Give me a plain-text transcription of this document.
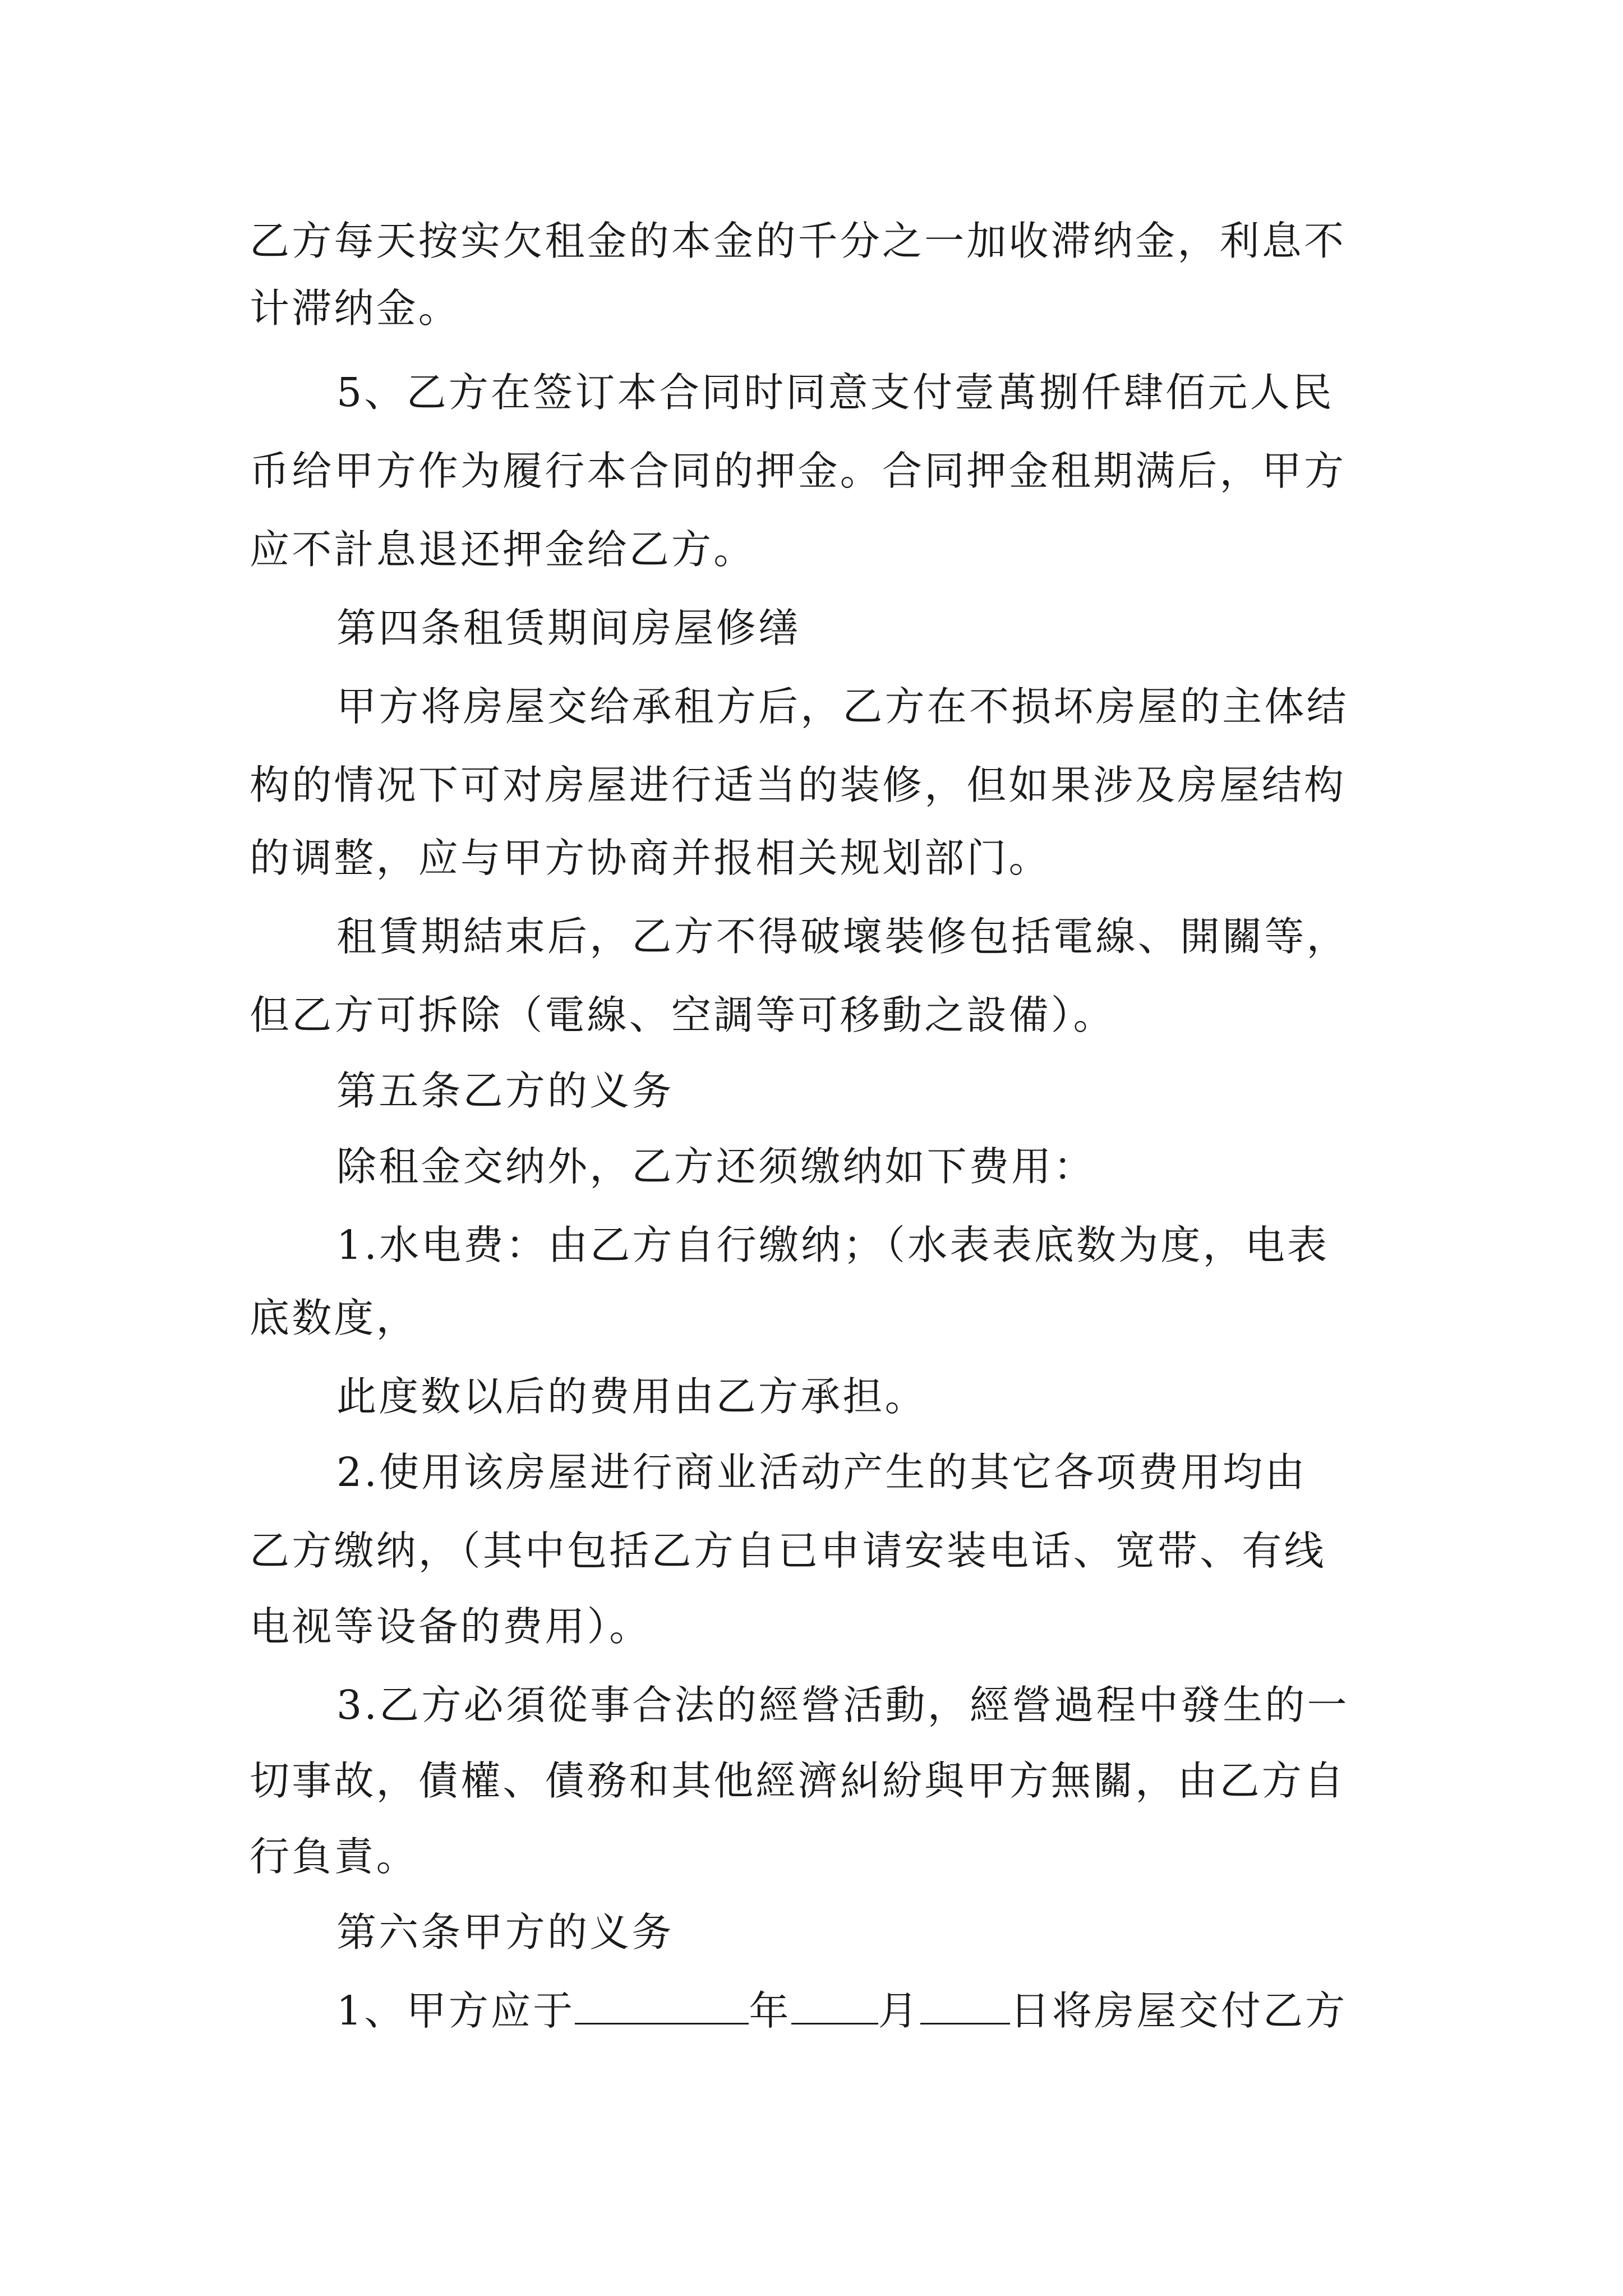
乙方每天按实欠租金的本金的千分之一加收滞纳金，利息不
计滞纳金。
5、乙方在签订本合同时同意支付壹萬捌仟肆佰元人民
币给甲方作为履行本合同的押金。合同押金租期满后，甲方
应不計息退还押金给乙方。
第四条租赁期间房屋修缮
甲方将房屋交给承租方后，乙方在不损坏房屋的主体结
构的情况下可对房屋进行适当的装修，但如果涉及房屋结构
的调整，应与甲方协商并报相关规划部门。
租賃期結束后，乙方不得破壞裝修包括電線、開關等，
但乙方可拆除（電線、空調等可移動之設備）。
第五条乙方的义务
除租金交纳外，乙方还须缴纳如下费用：
1.水电费：由乙方自行缴纳；（水表表底数为度，电表
底数度，
此度数以后的费用由乙方承担。
2.使用该房屋进行商业活动产生的其它各项费用均由
乙方缴纳，（其中包括乙方自已申请安装电话、宽带、有线
电视等设备的费用）。
3.乙方必須從事合法的經營活動，經營過程中發生的一
切事故，債權、債務和其他經濟糾紛與甲方無關，由乙方自
行負責。
第六条甲方的义务
1、甲方应于	年 月 日将房屋交付乙方
